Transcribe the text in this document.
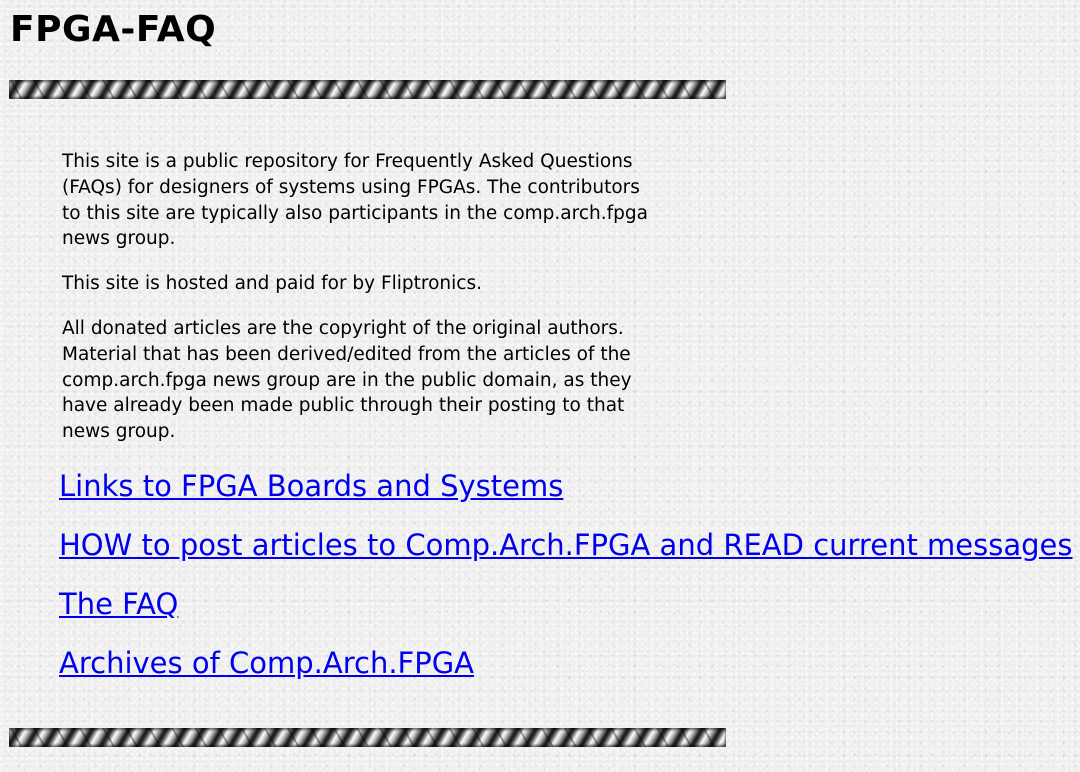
FPGA-FAQ

This site is a public repository for Frequently Asked Questions (FAQs) for designers of systems using FPGAs. The contributors to this site are typically also participants in the comp.arch.fpga news group.

This site is hosted and paid for by Fliptronics.

All donated articles are the copyright of the original authors. Material that has been derived/edited from the articles of the comp.arch.fpga news group are in the public domain, as they have already been made public through their posting to that news group.

Links to FPGA Boards and Systems
HOW to post articles to Comp.Arch.FPGA and READ current messages
The FAQ
Archives of Comp.Arch.FPGA
